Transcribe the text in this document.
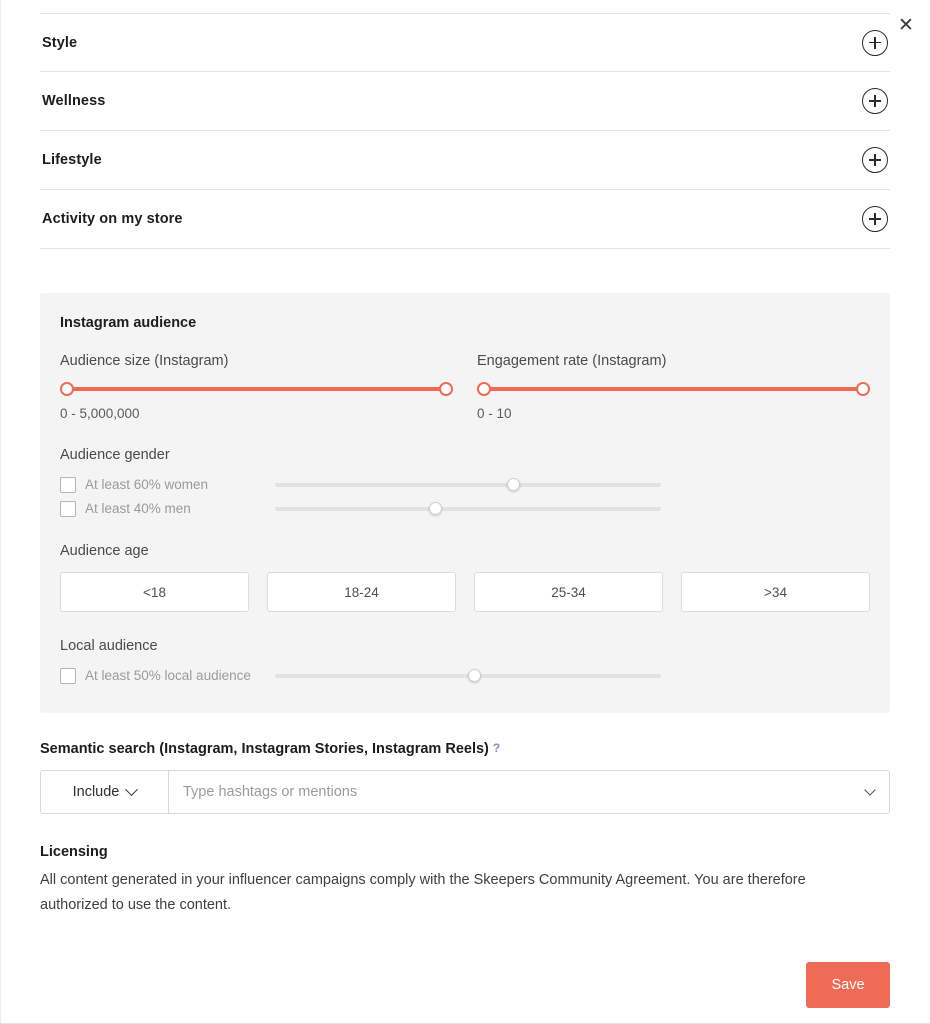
✕
Style
Wellness
Lifestyle
Activity on my store
Instagram audience
Audience size (Instagram)
0 - 5,000,000
Engagement rate (Instagram)
0 - 10
Audience gender
At least 60% women
At least 40% men
Audience age
<18	18-24	25-34	>34
Local audience
At least 50% local audience
Semantic search (Instagram, Instagram Stories, Instagram Reels) ?
Include
Type hashtags or mentions
Licensing
All content generated in your influencer campaigns comply with the Skeepers Community Agreement. You are therefore authorized to use the content.
Save
